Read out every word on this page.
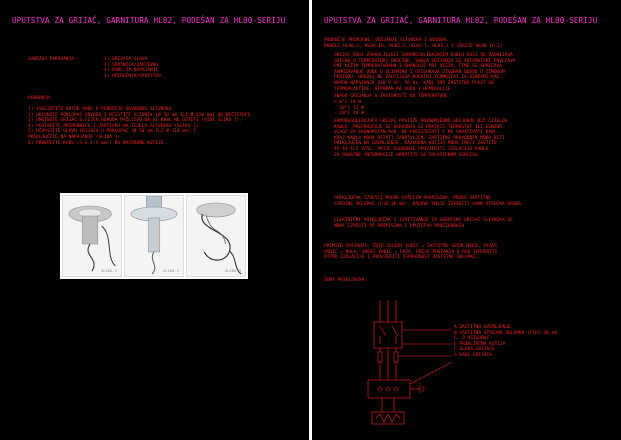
UPUTSTVA ZA GRIJAČ, GARNITURA HL82, PODEŠAN ZA HL80-SERIJU
SADRŽAJ PAKOVANJA:	1) GRIJAĆA GLAVA
1) SPOJNICA/ZAPTIVKA
1) KABL ZA NAPAJANJE
1) PRIRUČNIK/UPUTSTVO
UGRADNJA:
1) ISKLJUČITE DOTOK VODE U PODRUČJU ODVODNOG SLIVNIKA.
2) UKLONITE POKLOPAC ODVODA I OČISTITE SLIVNIK (Ø 50 mm ILI Ø 110 mm) OD NEČISTOĆE.
3) UMETNITE GRIJAČ U CIJEV ODVODA PAŽLJIVO DA SE KABL NE OŠTETI (VIDI SLIKU 1).
4) POSTAVITE PRIRUBNICU I ZAPTIVKU NA TIJELO SLIVNIKA (SLIKA 2).
5) UČVRSTITE GLAVU GRIJAČA U POKLOPAC (Ø 50 mm ILI Ø 110 mm) I
PRIKLJUČITE NA NAPAJANJE (SLIKA 3).
6) PROVUCITE KABL (3 X 1,5 mm²) DO RAZVODNE KUTIJE.
SLIKA 1	SLIKA 2	SLIKA 3
UPUTSTVA ZA GRIJAČ, GARNITURA HL82, PODEŠAN ZA HL80-SERIJU
PODRUČJE PRIMJENE: GRIJANJE SLIVNIKA I ODVODA.
MODELI HL80.1, HL80.1H, HL82.1, HL83.1, HL85.1 I SERIJE HL80 (6.2).
GRIJAČ RADI ZAHVALJUJUĆI SAMOREGULIRAJUĆEM KABLU KOJI SE ZAGRIJAVA
OVISNO O TEMPERATURI OKOLINE. SNAGA GRIJANJA SE AUTOMATSKI POVEĆAVA
PRI NIŽIM TEMPERATURAMA I SMANJUJE PRI VIŠIM, ČIME SE SPREČAVA
ZAMRZAVANJE VODE U SLIVNIKU I OSIGURAVA SIGURAN ODVOD U ZIMSKOM
PERIODU. UREĐAJ NE ZAHTIJEVA DODATNI TERMOSTAT ZA OSNOVNI RAD.
NAPON NAPAJANJA 230 V AC, 50 Hz. KABL IMA ZAŠTITNI PLAŠT OD
TERMOPLASTIKE, OTPORAN NA VODU I HEMIKALIJE.
SNAGA GRIJANJA U ZAVISNOSTI OD TEMPERATURE:
+ 0°C 10 W
- 10°C 12 W
- 20°C 14 W
SAMOREGULIRAJUĆI GRIJAČ POSTIŽE ROVNOMJERNO GRIJANJE DUŽ CIJELOG
KABLA. PREPORUČUJE SE UGRADNJA UZ PRATEĆI TERMOSTAT ILI SENZOR
VLAGE ZA EKONOMIČAN RAD. NE PRESIJECATI I NE SKRAĆIVATI KABL.
KRAJ KABLA MORA OSTATI ZABRTVLJEN. ZAŠTITNI PROVODNIK MORA BITI
PRIKLJUČEN NA UZEMLJENJE. RAZVODNA KUTIJA MORA IMATI ZAŠTITU
IP 44 ILI VIŠE. PRIJE UGRADNJE PROVJERITI IZOLACIJU KABLA.
ZA DODATNE INFORMACIJE OBRATITE SE OVLAŠTENOM SERVISU.
PRIKLJUČAK IZVESTI PREMA VAŽEĆIM PROPISIMA, PREKO ZAŠTITNE
STRUJNE SKLOPKE (FID 30 mA). RADOVE SMIJE IZVODITI SAMO STRUČNA OSOBA.
ELEKTRIČNI PRIKLJUČAK I ISPITIVANJE ZA SERVISNI GRIJAČ SLIVNIKA SE
MORA IZVESTI PO PROPISIMA I UPUTSTVU PROIZVOĐAČA.
PRIMJER SPAJANJA: ŽUTO-ZELENI VODIČ = ZAŠTITNO UZEMLJENJE, PLAVI
VODIČ = NULA, SMEĐI VODIČ = FAZA. PRIJE PUŠTANJA U RAD IZMJERITI
OTPOR IZOLACIJE I PROVJERITI ISPRAVNOST ZAŠTITNE SKLOPKE.
ŠEMA PRIKLJUČKA:
A ZAŠTITNO UZEMLJENJE
B ZAŠTITNA STRUJNA SKLOPKA (FID) 30 mA
C, D OSIGURAČ
E PRIKLJUČNA KUTIJA
F GLAVA GRIJAČA
G KABL GRIJAČA
